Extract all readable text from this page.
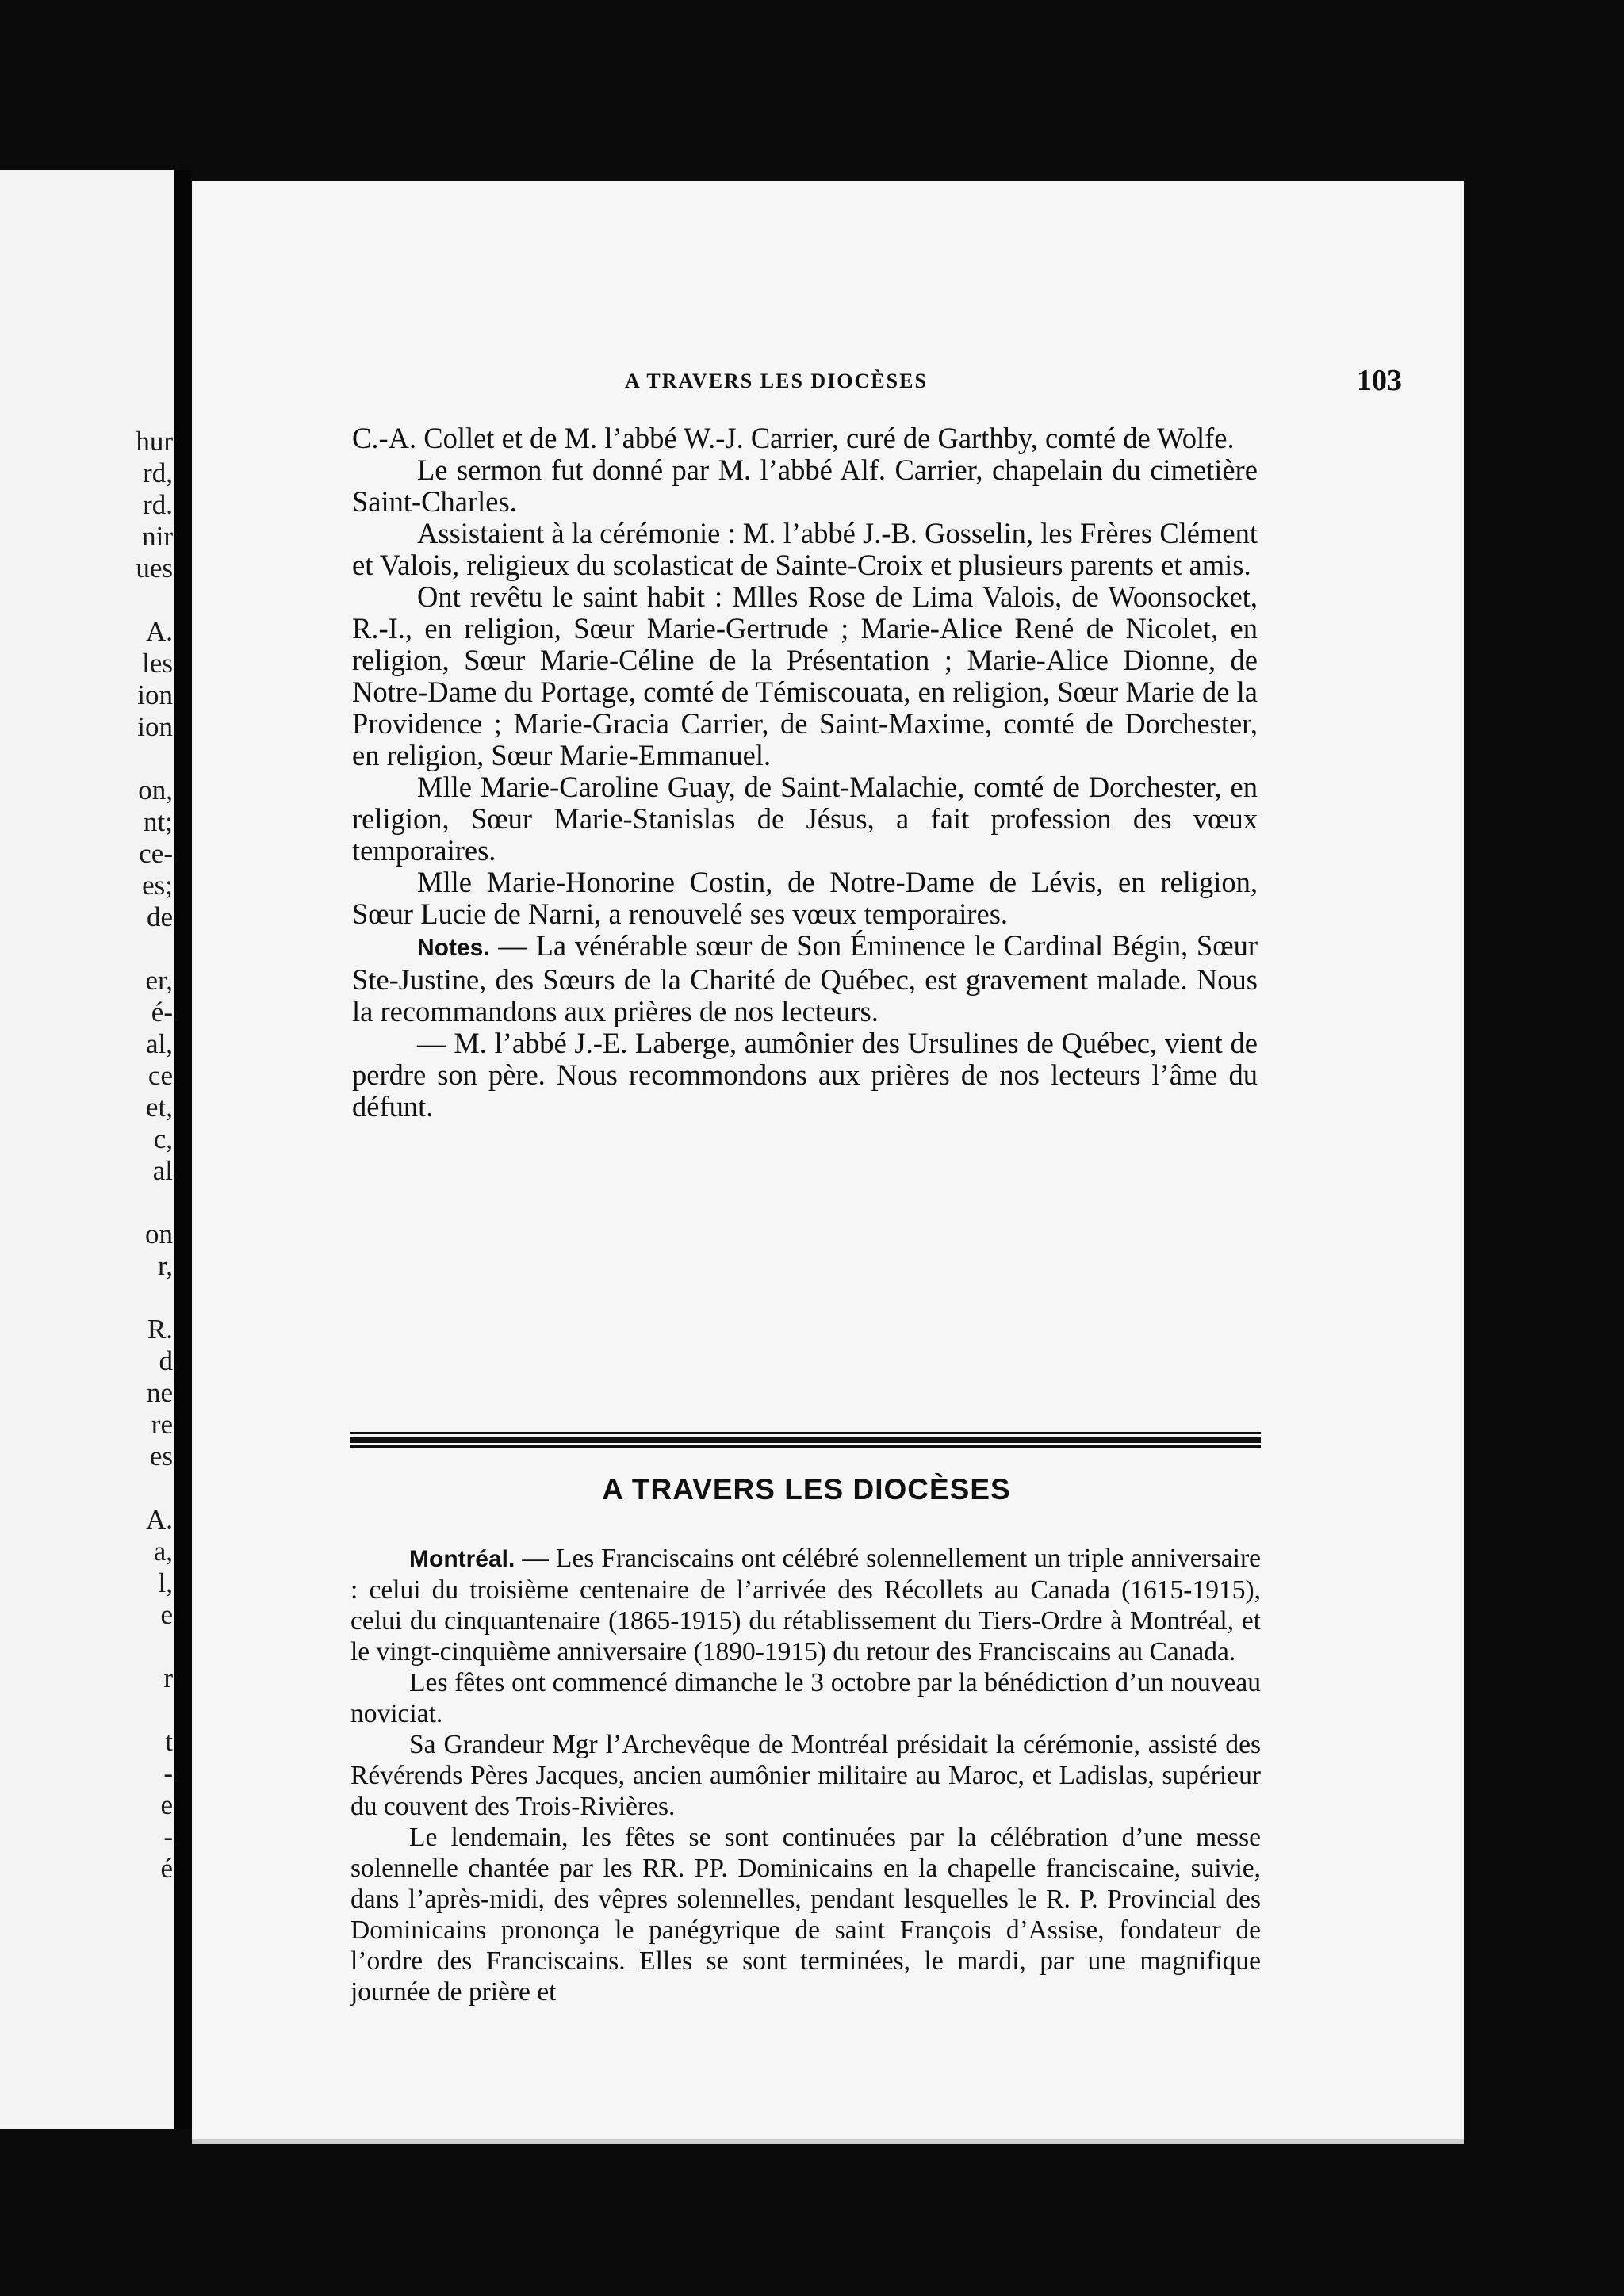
hur
rd,
rd.
nir
ues
A.
les
ion
ion
on,
nt;
ce-
es;
de
er,
é-
al,
ce
et,
c,
al
on
r,
R.
d
ne
re
es
A.
a,
l,
e
r
t
-
e
-
é
A TRAVERS LES DIOCÈSES	103

C.-A. Collet et de M. l’abbé W.-J. Carrier, curé de Garthby, comté de Wolfe.

Le sermon fut donné par M. l’abbé Alf. Carrier, chapelain du cimetière Saint-Charles.

Assistaient à la cérémonie : M. l’abbé J.-B. Gosselin, les Frères Clément et Valois, religieux du scolasticat de Sainte-Croix et plusieurs parents et amis.

Ont revêtu le saint habit : Mlles Rose de Lima Valois, de Woonsocket, R.-I., en religion, Sœur Marie-Gertrude ; Marie-Alice René de Nicolet, en religion, Sœur Marie-Céline de la Présentation ; Marie-Alice Dionne, de Notre-Dame du Portage, comté de Témiscouata, en religion, Sœur Marie de la Providence ; Marie-Gracia Carrier, de Saint-Maxime, comté de Dorchester, en religion, Sœur Marie-Emmanuel.

Mlle Marie-Caroline Guay, de Saint-Malachie, comté de Dorchester, en religion, Sœur Marie-Stanislas de Jésus, a fait profession des vœux temporaires.

Mlle Marie-Honorine Costin, de Notre-Dame de Lévis, en religion, Sœur Lucie de Narni, a renouvelé ses vœux temporaires.

Notes. — La vénérable sœur de Son Éminence le Cardinal Bégin, Sœur Ste-Justine, des Sœurs de la Charité de Québec, est gravement malade. Nous la recommandons aux prières de nos lecteurs.

— M. l’abbé J.-E. Laberge, aumônier des Ursulines de Québec, vient de perdre son père. Nous recommondons aux prières de nos lecteurs l’âme du défunt.

A TRAVERS LES DIOCÈSES

Montréal. — Les Franciscains ont célébré solennellement un triple anniversaire : celui du troisième centenaire de l’arrivée des Récollets au Canada (1615-1915), celui du cinquantenaire (1865-1915) du rétablissement du Tiers-Ordre à Montréal, et le vingt-cinquième anniversaire (1890-1915) du retour des Franciscains au Canada.

Les fêtes ont commencé dimanche le 3 octobre par la bénédiction d’un nouveau noviciat.

Sa Grandeur Mgr l’Archevêque de Montréal présidait la cérémonie, assisté des Révérends Pères Jacques, ancien aumônier militaire au Maroc, et Ladislas, supérieur du couvent des Trois-Rivières.

Le lendemain, les fêtes se sont continuées par la célébration d’une messe solennelle chantée par les RR. PP. Dominicains en la chapelle franciscaine, suivie, dans l’après-midi, des vêpres solennelles, pendant lesquelles le R. P. Provincial des Dominicains prononça le panégyrique de saint François d’Assise, fondateur de l’ordre des Franciscains. Elles se sont terminées, le mardi, par une magnifique journée de prière et
